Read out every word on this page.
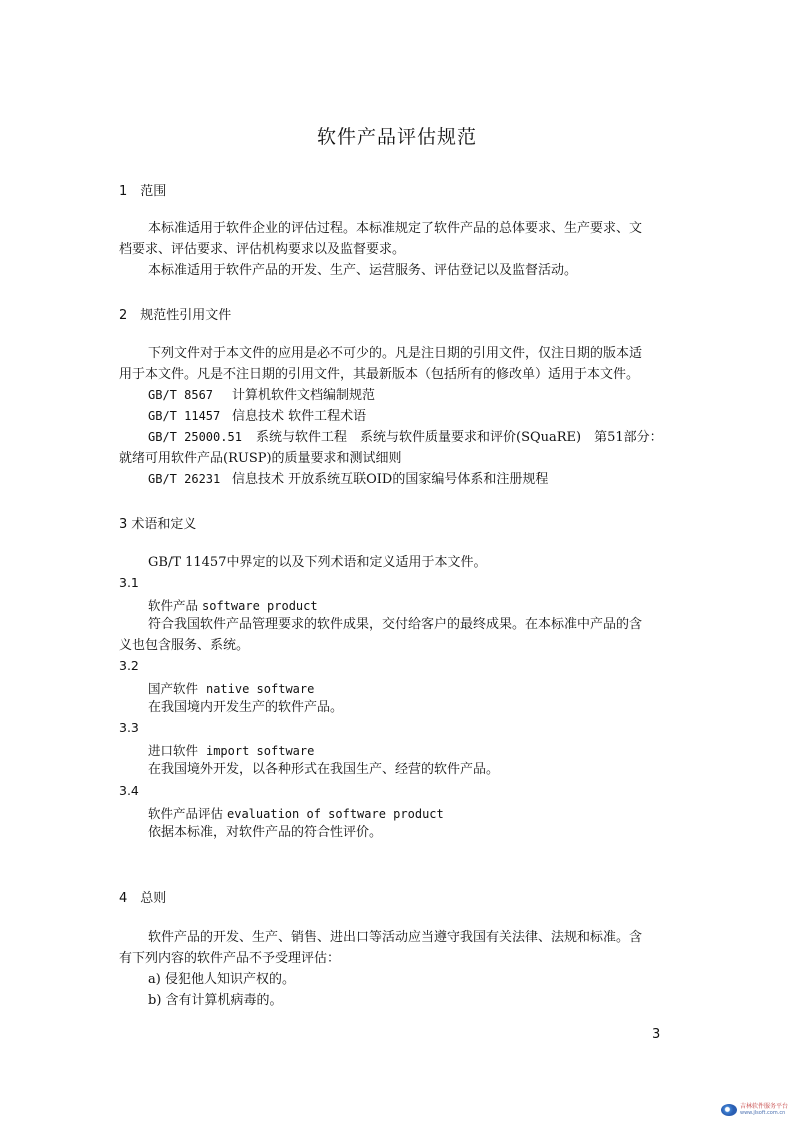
软件产品评估规范
1　范围
本标准适用于软件企业的评估过程。本标准规定了软件产品的总体要求、生产要求、文
档要求、评估要求、评估机构要求以及监督要求。
本标准适用于软件产品的开发、生产、运营服务、评估登记以及监督活动。
2　规范性引用文件
下列文件对于本文件的应用是必不可少的。凡是注日期的引用文件，仅注日期的版本适
用于本文件。凡是不注日期的引用文件，其最新版本（包括所有的修改单）适用于本文件。
GB/T 8567 计算机软件文档编制规范
GB/T 11457 信息技术 软件工程术语
GB/T 25000.51 系统与软件工程　系统与软件质量要求和评价(SQuaRE)　第51部分：
就绪可用软件产品(RUSP)的质量要求和测试细则
GB/T 26231 信息技术 开放系统互联OID的国家编号体系和注册规程
3 术语和定义
GB/T 11457中界定的以及下列术语和定义适用于本文件。
3.1
软件产品 software product
符合我国软件产品管理要求的软件成果，交付给客户的最终成果。在本标准中产品的含
义也包含服务、系统。
3.2
国产软件 native software
在我国境内开发生产的软件产品。
3.3
进口软件 import software
在我国境外开发，以各种形式在我国生产、经营的软件产品。
3.4
软件产品评估 evaluation of software product
依据本标准，对软件产品的符合性评价。
4　总则
软件产品的开发、生产、销售、进出口等活动应当遵守我国有关法律、法规和标准。含
有下列内容的软件产品不予受理评估：
a) 侵犯他人知识产权的。
b) 含有计算机病毒的。
3
吉林软件服务平台
www.jlsoft.com.cn
